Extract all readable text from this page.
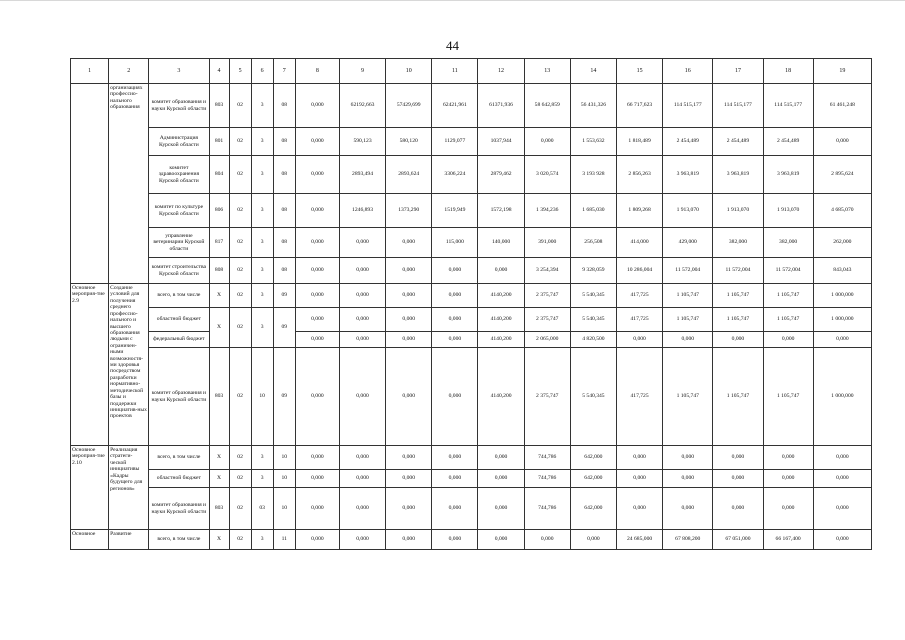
44
1	2	3	4	5	6	7	8	9	10	11	12	13	14	15	16	17	18	19
	организациях профессио-нального образования	комитет образования и науки Курской области	803	02	3	08	0,000	62192,663	57429,699	62421,961	61371,936	58 642,859	56 431,326	66 717,623	114 515,177	114 515,177	114 515,177	61 461,248
		Администрация Курской области	801	02	3	08	0,000	590,123	580,120	1129,077	1037,944	0,000	1 553,632	1 818,489	2 454,489	2 454,489	2 454,489	0,000
		комитет здравоохранения Курской области	804	02	3	08	0,000	2893,494	2893,624	3306,224	2879,462	3 020,574	3 193 928	2 856,263	3 963,819	3 963,819	3 963,819	2 895,624
		комитет по культуре Курской области	806	02	3	08	0,000	1246,893	1373,290	1519,949	1572,198	1 394,236	1 685,030	1 809,268	1 913,070	1 913,070	1 913,070	4 685,070
		управление ветеринарии Курской области	817	02	3	08	0,000	0,000	0,000	115,000	140,000	391,000	256,508	414,000	429,000	382,000	382,000	262,000
		комитет строительства Курской области	808	02	3	08	0,000	0,000	0,000	0,000	0,000	3 254,394	9 328,059	10 286,004	11 572,004	11 572,004	11 572,004	843,043
Основное мероприя-тие 2.9	Создание условий для получения среднего профессио-нального и высшего образования людьми с ограничен-ными возможностя-ми здоровья посредством разработки нормативно-методической базы и поддержки инициатив-ных проектов	всего, в том числе	X	02	3	09	0,000	0,000	0,000	0,000	4140,200	2 375,747	5 540,345	417,725	1 105,747	1 105,747	1 105,747	1 000,000
		областной бюджет	X	02	3	09	0,000	0,000	0,000	0,000	4140,200	2 375,747	5 540,345	417,725	1 105,747	1 105,747	1 105,747	1 000,000
		федеральный бюджет					0,000	0,000	0,000	0,000	4140,200	2 065,000	4 820,500	0,000	0,000	0,000	0,000	0,000
		комитет образования и науки Курской области	803	02	10	09	0,000	0,000	0,000	0,000	4140,200	2 375,747	5 540,345	417,725	1 105,747	1 105,747	1 105,747	1 000,000
Основное мероприя-тие 2.10	Реализация стратеги-ческой инициативы «Кадры будущего для регионов»	всего, в том числе	X	02	3	10	0,000	0,000	0,000	0,000	0,000	744,786	642,000	0,000	0,000	0,000	0,000	0,000
		областной бюджет	X	02	3	10	0,000	0,000	0,000	0,000	0,000	744,786	642,000	0,000	0,000	0,000	0,000	0,000
		комитет образования и науки Курской области	803	02	03	10	0,000	0,000	0,000	0,000	0,000	744,786	642,000	0,000	0,000	0,000	0,000	0,000
Основное	Развитие	всего, в том числе	X	02	3	11	0,000	0,000	0,000	0,000	0,000	0,000	0,000	24 685,000	67 808,200	67 051,000	66 167,400	0,000
